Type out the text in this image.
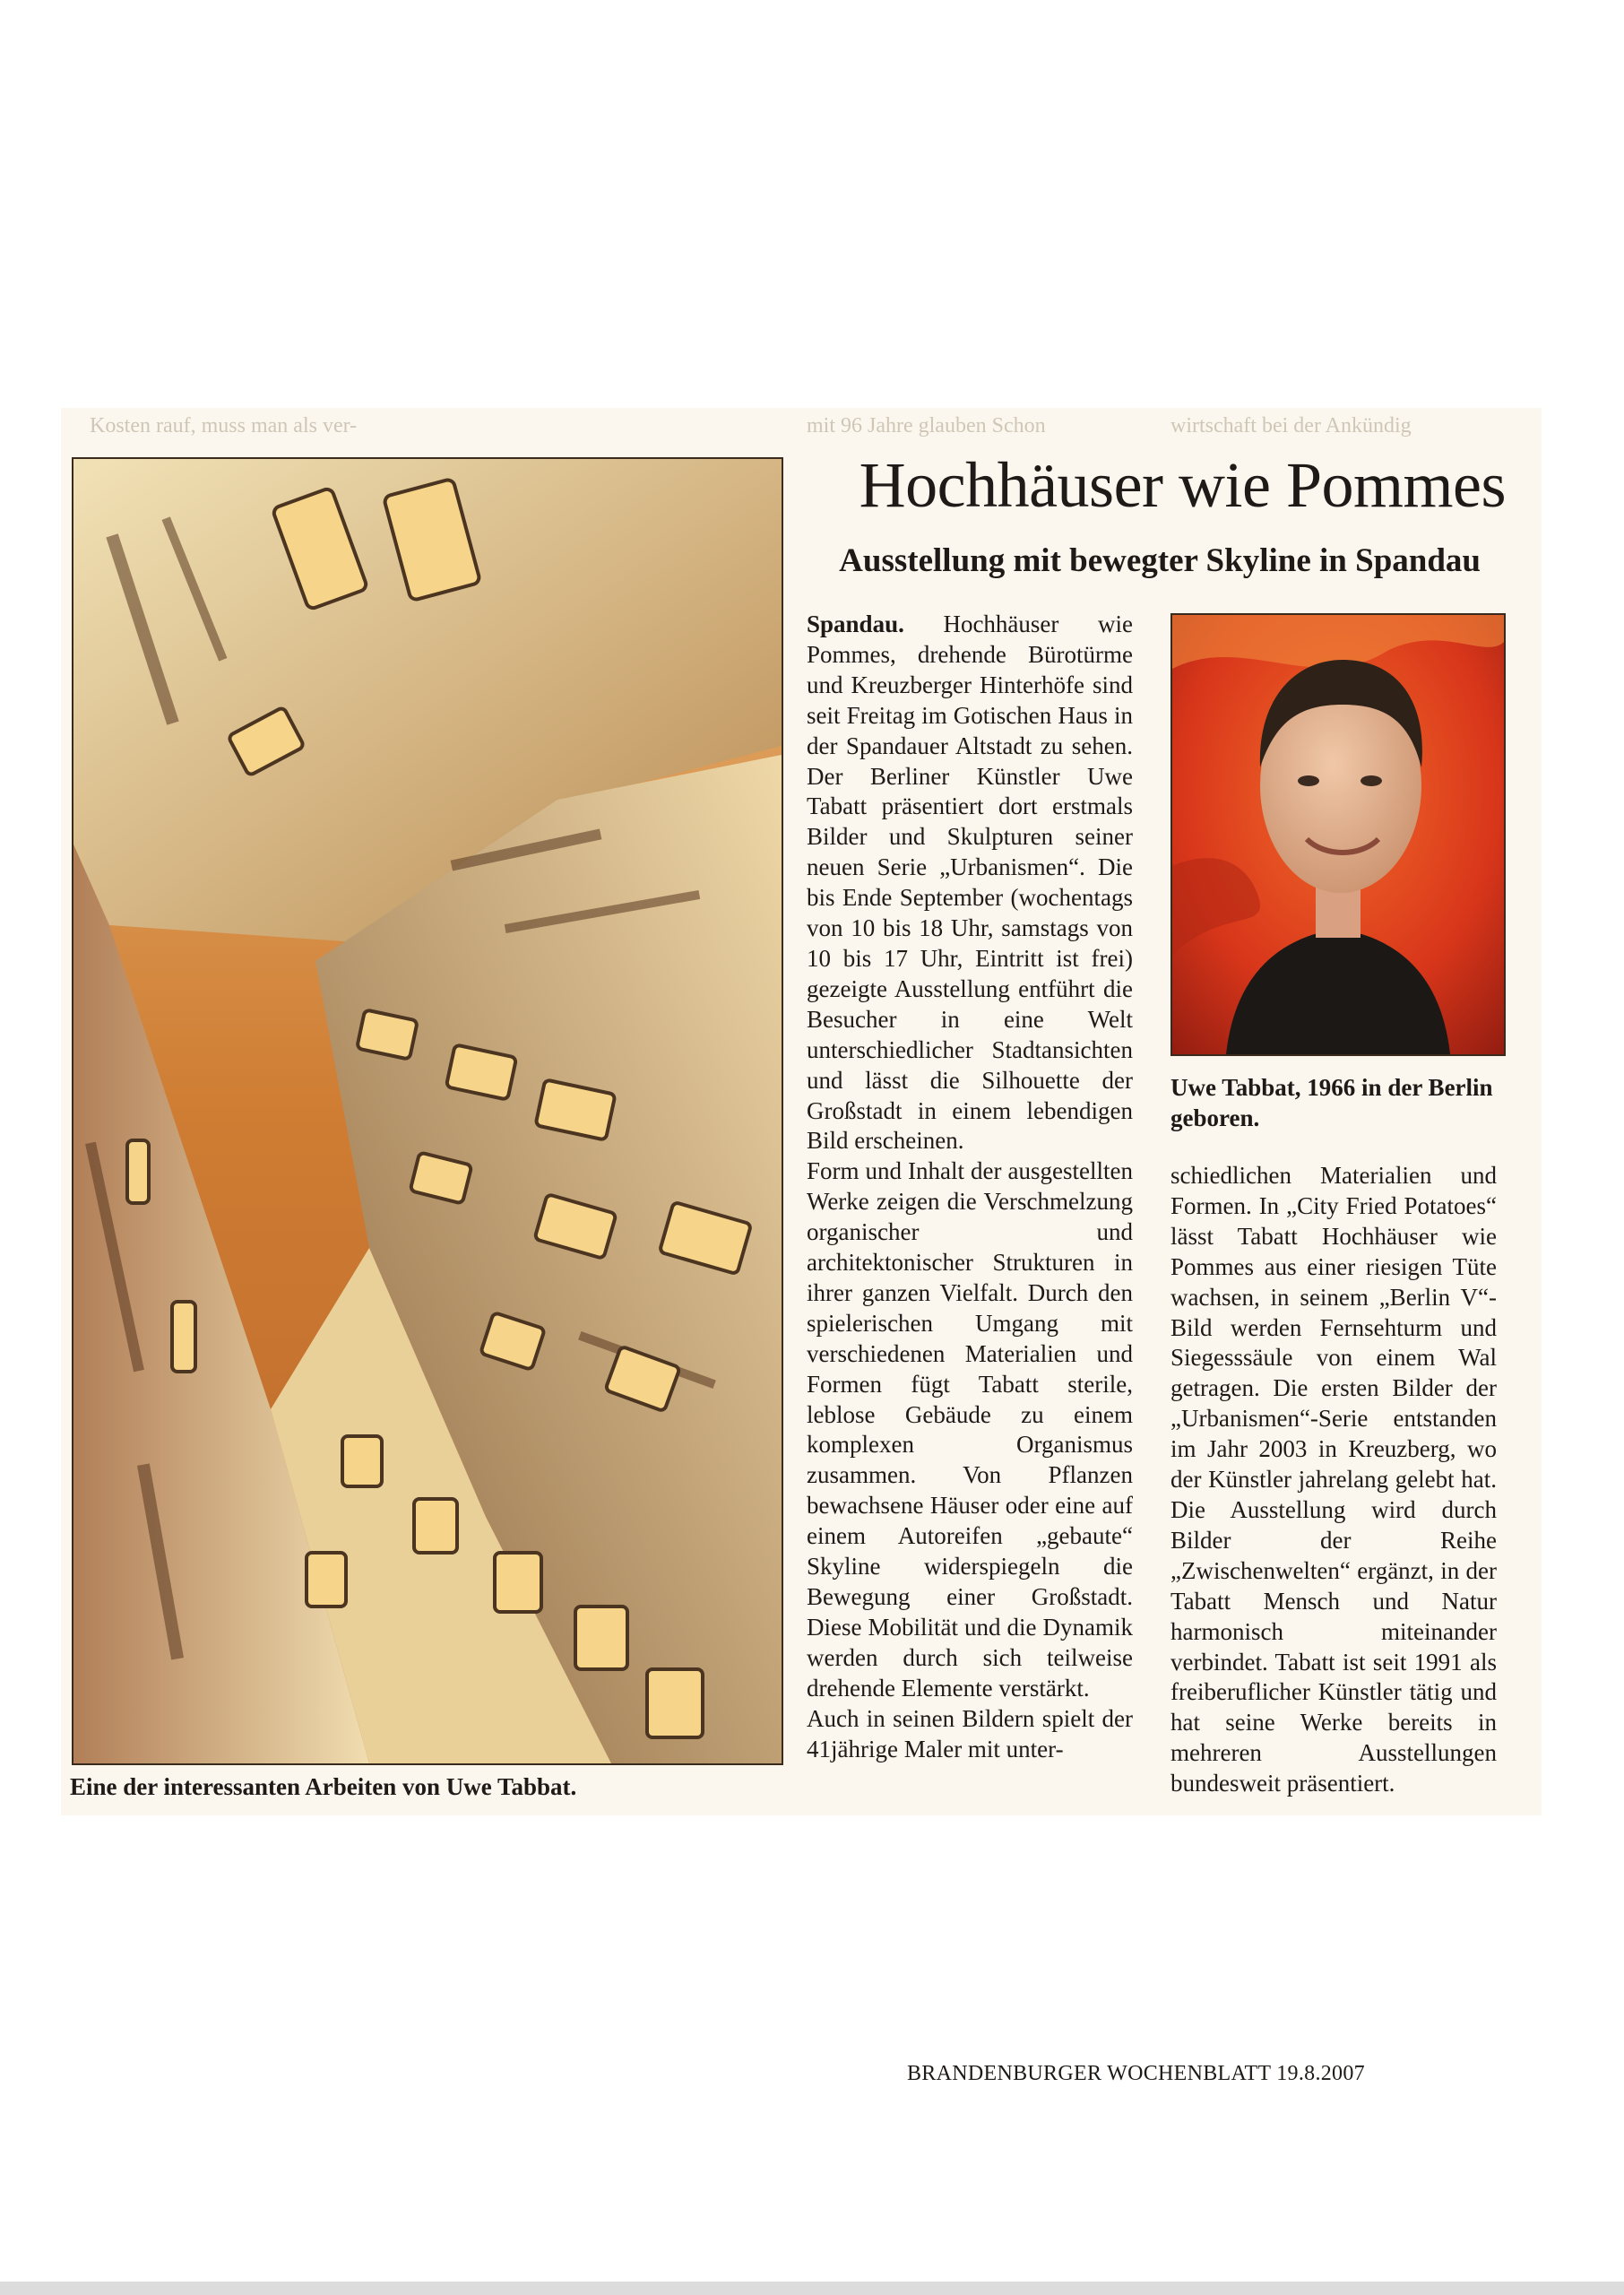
Kosten rauf, muss man als ver-	mit 96 Jahre glauben Schon	wirtschaft bei der Ankündig
Eine der interessanten Arbeiten von Uwe Tabbat.
Hochhäuser wie Pommes
Ausstellung mit bewegter Skyline in Spandau

Spandau. Hochhäuser wie Pommes, drehende Bürotürme und Kreuzberger Hinterhöfe sind seit Freitag im Gotischen Haus in der Spandauer Altstadt zu sehen. Der Berliner Künstler Uwe Tabatt präsentiert dort erstmals Bilder und Skulpturen seiner neuen Serie „Urbanismen“. Die bis Ende September (wochentags von 10 bis 18 Uhr, samstags von 10 bis 17 Uhr, Eintritt ist frei) gezeigte Ausstellung entführt die Besucher in eine Welt unterschiedlicher Stadtansichten und lässt die Silhouette der Großstadt in einem lebendigen Bild erscheinen.

Form und Inhalt der ausgestellten Werke zeigen die Verschmelzung organischer und architektonischer Strukturen in ihrer ganzen Vielfalt. Durch den spielerischen Umgang mit verschiedenen Materialien und Formen fügt Tabatt sterile, leblose Gebäude zu einem komplexen Organismus zusammen. Von Pflanzen bewachsene Häuser oder eine auf einem Autoreifen „gebaute“ Skyline widerspiegeln die Bewegung einer Großstadt. Diese Mobilität und die Dynamik werden durch sich teilweise drehende Elemente verstärkt.

Auch in seinen Bildern spielt der 41jährige Maler mit unter-

Uwe Tabbat, 1966 in der Berlin geboren.

schiedlichen Materialien und Formen. In „City Fried Potatoes“ lässt Tabatt Hochhäuser wie Pommes aus einer riesigen Tüte wachsen, in seinem „Berlin V“-Bild werden Fernsehturm und Siegesssäule von einem Wal getragen. Die ersten Bilder der „Urbanismen“-Serie entstanden im Jahr 2003 in Kreuzberg, wo der Künstler jahrelang gelebt hat. Die Ausstellung wird durch Bilder der Reihe „Zwischenwelten“ ergänzt, in der Tabatt Mensch und Natur harmonisch miteinander verbindet. Tabatt ist seit 1991 als freiberuflicher Künstler tätig und hat seine Werke bereits in mehreren Ausstellungen bundesweit präsentiert.

BRANDENBURGER WOCHENBLATT 19.8.2007
